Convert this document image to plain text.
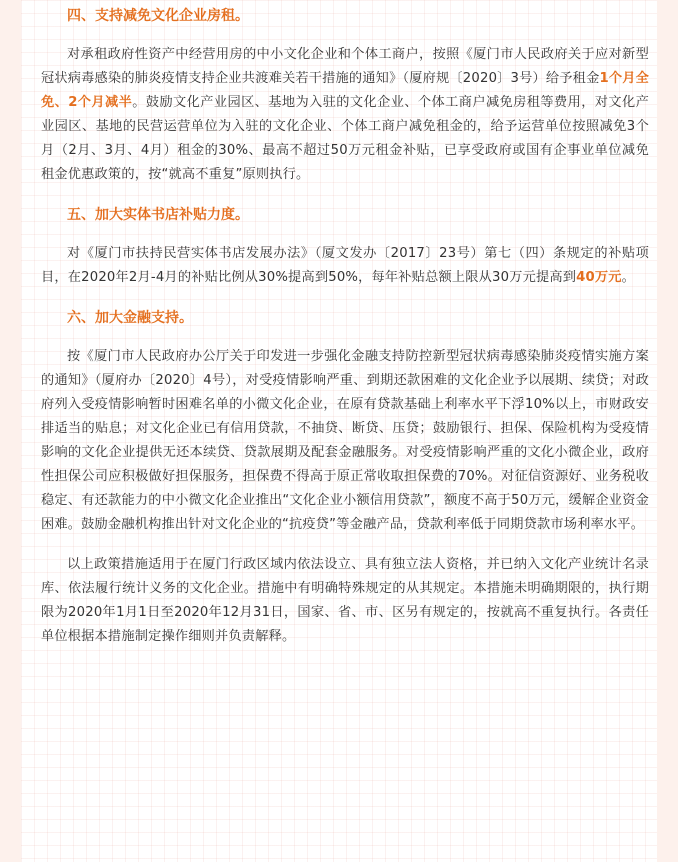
四、支持减免文化企业房租。

对承租政府性资产中经营用房的中小文化企业和个体工商户，按照《厦门市人民政府关于应对新型冠状病毒感染的肺炎疫情支持企业共渡难关若干措施的通知》（厦府规〔2020〕3号）给予租金1个月全免、2个月减半。鼓励文化产业园区、基地为入驻的文化企业、个体工商户减免房租等费用，对文化产业园区、基地的民营运营单位为入驻的文化企业、个体工商户减免租金的，给予运营单位按照减免3个月（2月、3月、4月）租金的30%、最高不超过50万元租金补贴，已享受政府或国有企事业单位减免租金优惠政策的，按“就高不重复”原则执行。

五、加大实体书店补贴力度。

对《厦门市扶持民营实体书店发展办法》（厦文发办〔2017〕23号）第七（四）条规定的补贴项目，在2020年2月-4月的补贴比例从30%提高到50%，每年补贴总额上限从30万元提高到40万元。

六、加大金融支持。

按《厦门市人民政府办公厅关于印发进一步强化金融支持防控新型冠状病毒感染肺炎疫情实施方案的通知》（厦府办〔2020〕4号），对受疫情影响严重、到期还款困难的文化企业予以展期、续贷；对政府列入受疫情影响暂时困难名单的小微文化企业，在原有贷款基础上利率水平下浮10%以上，市财政安排适当的贴息；对文化企业已有信用贷款，不抽贷、断贷、压贷；鼓励银行、担保、保险机构为受疫情影响的文化企业提供无还本续贷、贷款展期及配套金融服务。对受疫情影响严重的文化小微企业，政府性担保公司应积极做好担保服务，担保费不得高于原正常收取担保费的70%。对征信资源好、业务税收稳定、有还款能力的中小微文化企业推出“文化企业小额信用贷款”，额度不高于50万元，缓解企业资金困难。鼓励金融机构推出针对文化企业的“抗疫贷”等金融产品，贷款利率低于同期贷款市场利率水平。

以上政策措施适用于在厦门行政区域内依法设立、具有独立法人资格，并已纳入文化产业统计名录库、依法履行统计义务的文化企业。措施中有明确特殊规定的从其规定。本措施未明确期限的，执行期限为2020年1月1日至2020年12月31日，国家、省、市、区另有规定的，按就高不重复执行。各责任单位根据本措施制定操作细则并负责解释。
